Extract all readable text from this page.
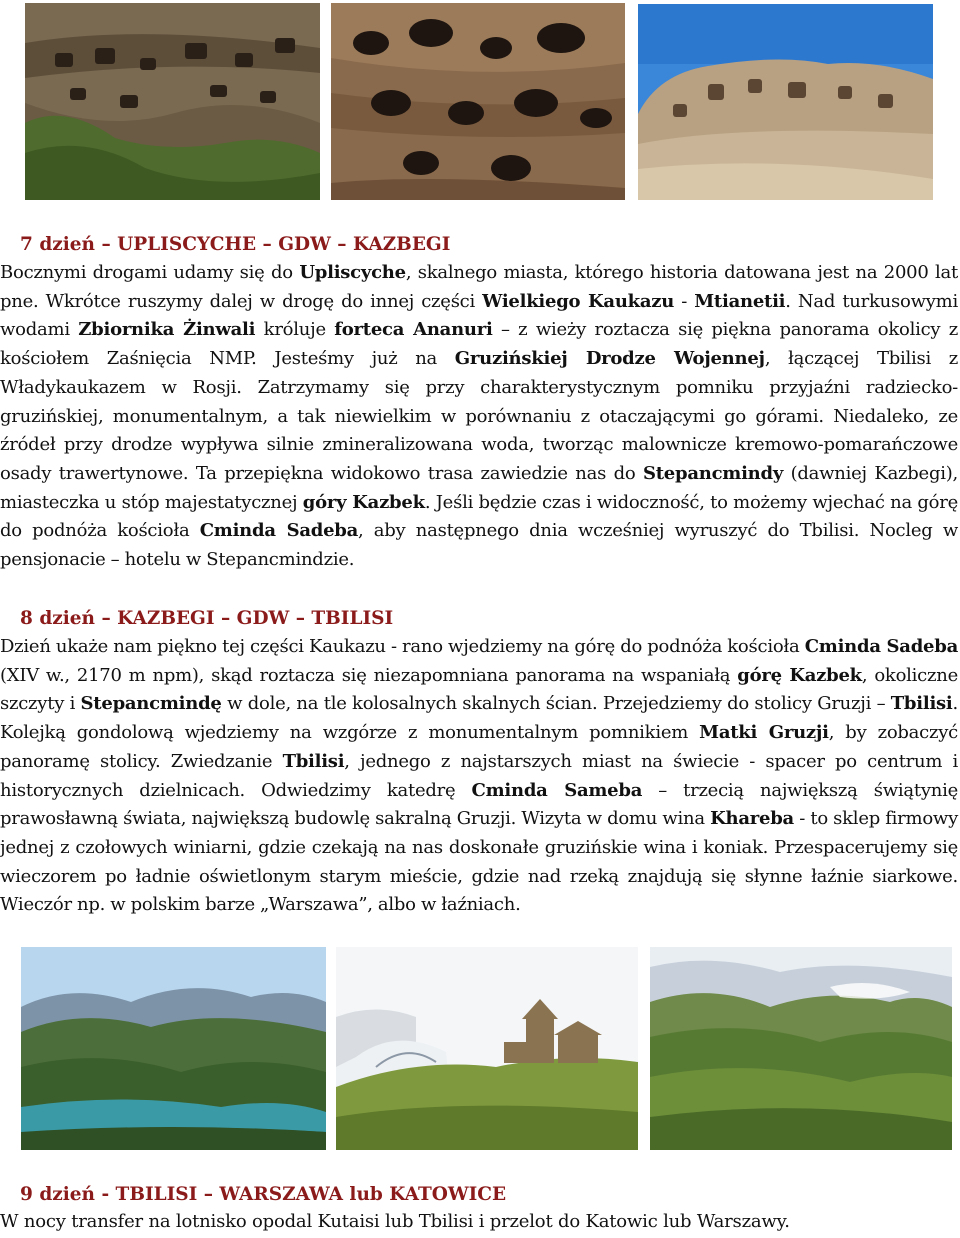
7 dzień – UPLISCYCHE – GDW – KAZBEGI
Bocznymi drogami udamy się do Upliscyche, skalnego miasta, którego historia datowana jest na 2000 lat pne. Wkrótce ruszymy dalej w drogę do innej części Wielkiego Kaukazu - Mtianetii. Nad turkusowymi wodami Zbiornika Żinwali króluje forteca Ananuri – z wieży roztacza się piękna panorama okolicy z kościołem Zaśnięcia NMP. Jesteśmy już na Gruzińskiej Drodze Wojennej, łączącej Tbilisi z Władykaukazem w Rosji. Zatrzymamy się przy charakterystycznym pomniku przyjaźni radziecko-gruzińskiej, monumentalnym, a tak niewielkim w porównaniu z otaczającymi go górami. Niedaleko, ze źródeł przy drodze wypływa silnie zmineralizowana woda, tworząc malownicze kremowo-pomarańczowe osady trawertynowe. Ta przepiękna widokowo trasa zawiedzie nas do Stepancmindy (dawniej Kazbegi), miasteczka u stóp majestatycznej góry Kazbek. Jeśli będzie czas i widoczność, to możemy wjechać na górę do podnóża kościoła Cminda Sadeba, aby następnego dnia wcześniej wyruszyć do Tbilisi. Nocleg w pensjonacie – hotelu w Stepancmindzie.
8 dzień – KAZBEGI – GDW – TBILISI
Dzień ukaże nam piękno tej części Kaukazu - rano wjedziemy na górę do podnóża kościoła Cminda Sadeba (XIV w., 2170 m npm), skąd roztacza się niezapomniana panorama na wspaniałą górę Kazbek, okoliczne szczyty i Stepancmindę w dole, na tle kolosalnych skalnych ścian. Przejedziemy do stolicy Gruzji – Tbilisi. Kolejką gondolową wjedziemy na wzgórze z monumentalnym pomnikiem Matki Gruzji, by zobaczyć panoramę stolicy. Zwiedzanie Tbilisi, jednego z najstarszych miast na świecie - spacer po centrum i historycznych dzielnicach. Odwiedzimy katedrę Cminda Sameba – trzecią największą świątynię prawosławną świata, największą budowlę sakralną Gruzji. Wizyta w domu wina Khareba - to sklep firmowy jednej z czołowych winiarni, gdzie czekają na nas doskonałe gruzińskie wina i koniak. Przespacerujemy się wieczorem po ładnie oświetlonym starym mieście, gdzie nad rzeką znajdują się słynne łaźnie siarkowe. Wieczór np. w polskim barze „Warszawa”, albo w łaźniach.
9 dzień - TBILISI – WARSZAWA lub KATOWICE
W nocy transfer na lotnisko opodal Kutaisi lub Tbilisi i przelot do Katowic lub Warszawy.
